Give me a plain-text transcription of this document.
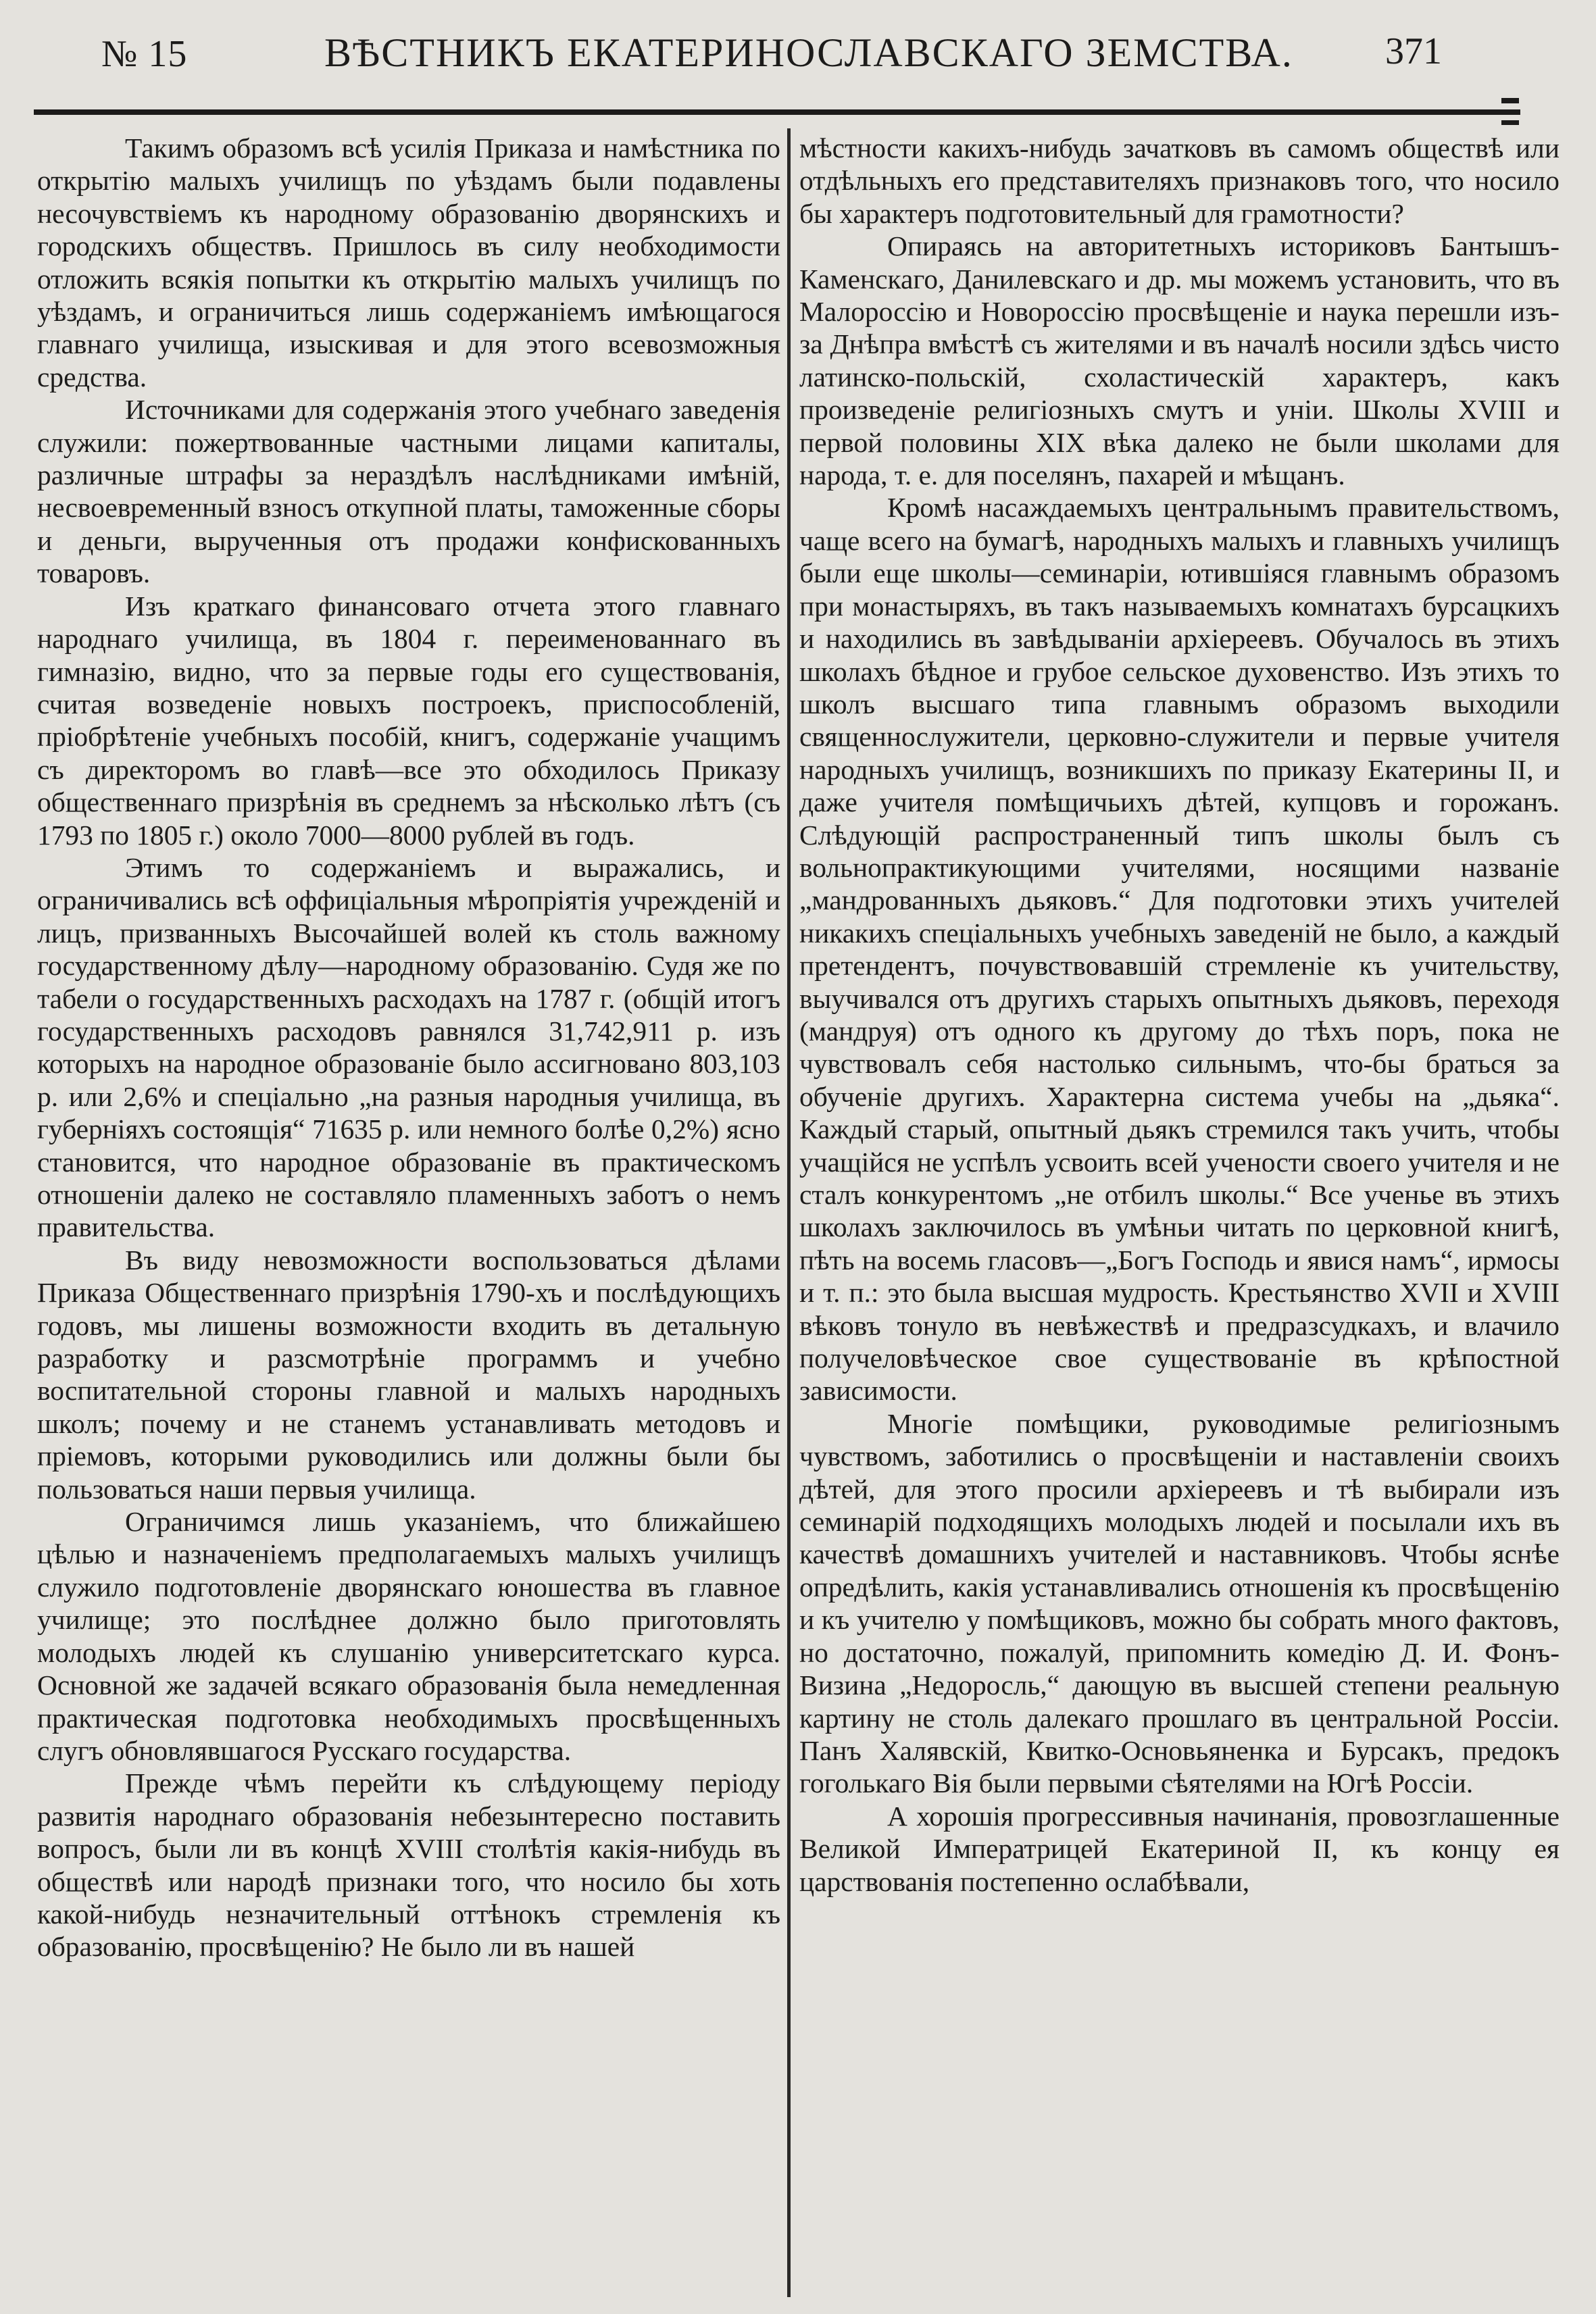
№ 15	ВѢСТНИКЪ ЕКАТЕРИНОСЛАВСКАГО ЗЕМСТВА. 371

Такимъ образомъ всѣ усилія Приказа и намѣстника по открытію малыхъ училищъ по уѣздамъ были подавлены несочувствіемъ къ народному образованію дворянскихъ и городскихъ обществъ. Пришлось въ силу необходимости отложить всякія попытки къ открытію малыхъ училищъ по уѣздамъ, и ограничиться лишь содержаніемъ имѣющагося главнаго училища, изыскивая и для этого всевозможныя средства.

Источниками для содержанія этого учебнаго заведенія служили: пожертвованные частными лицами капиталы, различные штрафы за нераздѣлъ наслѣдниками имѣній, несвоевременный взносъ откупной платы, таможенные сборы и деньги, вырученныя отъ продажи конфискованныхъ товаровъ.

Изъ краткаго финансоваго отчета этого главнаго народнаго училища, въ 1804 г. переименованнаго въ гимназію, видно, что за первые годы его существованія, считая возведеніе новыхъ построекъ, приспособленій, пріобрѣтеніе учебныхъ пособій, книгъ, содержаніе учащимъ съ директоромъ во главѣ—все это обходилось Приказу общественнаго призрѣнія въ среднемъ за нѣсколько лѣтъ (съ 1793 по 1805 г.) около 7000—8000 рублей въ годъ.

Этимъ то содержаніемъ и выражались, и ограничивались всѣ оффиціальныя мѣропріятія учрежденій и лицъ, призванныхъ Высочайшей волей къ столь важному государственному дѣлу—народному образованію. Судя же по табели о государственныхъ расходахъ на 1787 г. (общій итогъ государственныхъ расходовъ равнялся 31,742,911 р. изъ которыхъ на народное образованіе было ассигновано 803,103 р. или 2,6% и спеціально „на разныя народныя училища, въ губерніяхъ состоящія“ 71635 р. или немного болѣе 0,2%) ясно становится, что народное образованіе въ практическомъ отношеніи далеко не составляло пламенныхъ заботъ о немъ правительства.

Въ виду невозможности воспользоваться дѣлами Приказа Общественнаго призрѣнія 1790-хъ и послѣдующихъ годовъ, мы лишены возможности входить въ детальную разработку и разсмотрѣніе программъ и учебно воспитательной стороны главной и малыхъ народныхъ школъ; почему и не станемъ устанавливать методовъ и пріемовъ, которыми руководились или должны были бы пользоваться наши первыя училища.

Ограничимся лишь указаніемъ, что ближайшею цѣлью и назначеніемъ предполагаемыхъ малыхъ училищъ служило подготовленіе дворянскаго юношества въ главное училище; это послѣднее должно было приготовлять молодыхъ людей къ слушанію университетскаго курса. Основной же задачей всякаго образованія была немедленная практическая подготовка необходимыхъ просвѣщенныхъ слугъ обновлявшагося Русскаго государства.

Прежде чѣмъ перейти къ слѣдующему періоду развитія народнаго образованія небезынтересно поставить вопросъ, были ли въ концѣ XVIII столѣтія какія-нибудь въ обществѣ или народѣ признаки того, что носило бы хоть какой-нибудь незначительный оттѣнокъ стремленія къ образованію, просвѣщенію? Не было ли въ нашей

мѣстности какихъ-нибудь зачатковъ въ самомъ обществѣ или отдѣльныхъ его представителяхъ признаковъ того, что носило бы характеръ подготовительный для грамотности?

Опираясь на авторитетныхъ историковъ Бантышъ-Каменскаго, Данилевскаго и др. мы можемъ установить, что въ Малороссію и Новороссію просвѣщеніе и наука перешли изъ-за Днѣпра вмѣстѣ съ жителями и въ началѣ носили здѣсь чисто латинско-польскій, схоластическій характеръ, какъ произведеніе религіозныхъ смутъ и уніи. Школы XVIII и первой половины XIX вѣка далеко не были школами для народа, т. е. для поселянъ, пахарей и мѣщанъ.

Кромѣ насаждаемыхъ центральнымъ правительствомъ, чаще всего на бумагѣ, народныхъ малыхъ и главныхъ училищъ были еще школы—семинаріи, ютившіяся главнымъ образомъ при монастыряхъ, въ такъ называемыхъ комнатахъ бурсацкихъ и находились въ завѣдываніи архіереевъ. Обучалось въ этихъ школахъ бѣдное и грубое сельское духовенство. Изъ этихъ то школъ высшаго типа главнымъ образомъ выходили священнослужители, церковно-служители и первые учителя народныхъ училищъ, возникшихъ по приказу Екатерины II, и даже учителя помѣщичьихъ дѣтей, купцовъ и горожанъ. Слѣдующій распространенный типъ школы былъ съ вольнопрактикующими учителями, носящими названіе „мандрованныхъ дьяковъ.“ Для подготовки этихъ учителей никакихъ спеціальныхъ учебныхъ заведеній не было, а каждый претендентъ, почувствовавшій стремленіе къ учительству, выучивался отъ другихъ старыхъ опытныхъ дьяковъ, переходя (мандруя) отъ одного къ другому до тѣхъ поръ, пока не чувствовалъ себя настолько сильнымъ, что-бы браться за обученіе другихъ. Характерна система учебы на „дьяка“. Каждый старый, опытный дьякъ стремился такъ учить, чтобы учащійся не успѣлъ усвоить всей учености своего учителя и не сталъ конкурентомъ „не отбилъ школы.“ Все ученье въ этихъ школахъ заключилось въ умѣньи читать по церковной книгѣ, пѣть на восемь гласовъ—„Богъ Господь и явися намъ“, ирмосы и т. п.: это была высшая мудрость. Крестьянство XVII и XVIII вѣковъ тонуло въ невѣжествѣ и предразсудкахъ, и влачило получеловѣческое свое существованіе въ крѣпостной зависимости.

Многіе помѣщики, руководимые религіознымъ чувствомъ, заботились о просвѣщеніи и наставленіи своихъ дѣтей, для этого просили архіереевъ и тѣ выбирали изъ семинарій подходящихъ молодыхъ людей и посылали ихъ въ качествѣ домашнихъ учителей и наставниковъ. Чтобы яснѣе опредѣлить, какія устанавливались отношенія къ просвѣщенію и къ учителю у помѣщиковъ, можно бы собрать много фактовъ, но достаточно, пожалуй, припомнить комедію Д. И. Фонъ-Визина „Недоросль,“ дающую въ высшей степени реальную картину не столь далекаго прошлаго въ центральной Россіи. Панъ Халявскій, Квитко-Основьяненка и Бурсакъ, предокъ гоголькаго Вія были первыми сѣятелями на Югѣ Россіи.

А хорошія прогрессивныя начинанія, провозглашенные Великой Императрицей Екатериной II, къ концу ея царствованія постепенно ослабѣвали,
